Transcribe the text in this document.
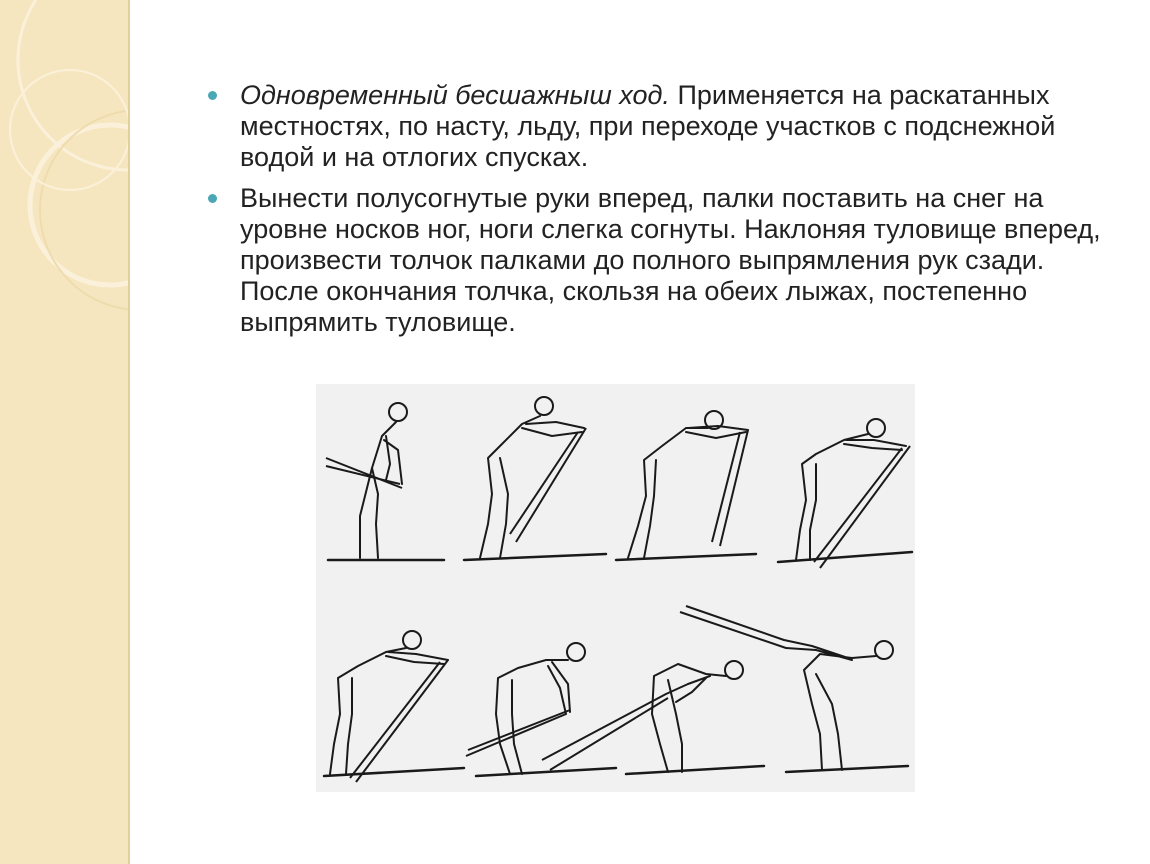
Одновременный бесшажныш ход. Применяется на раскатанных местностях, по насту, льду, при переходе участков с подснежной водой и на отлогих спусках.
Вынести полусогнутые руки вперед, палки поставить на снег на уровне носков ног, ноги слегка согнуты. Наклоняя туловище вперед, произвести толчок палками до полного выпрямления рук сзади. После окончания толчка, скользя на обеих лыжах, постепенно выпрямить туловище.
